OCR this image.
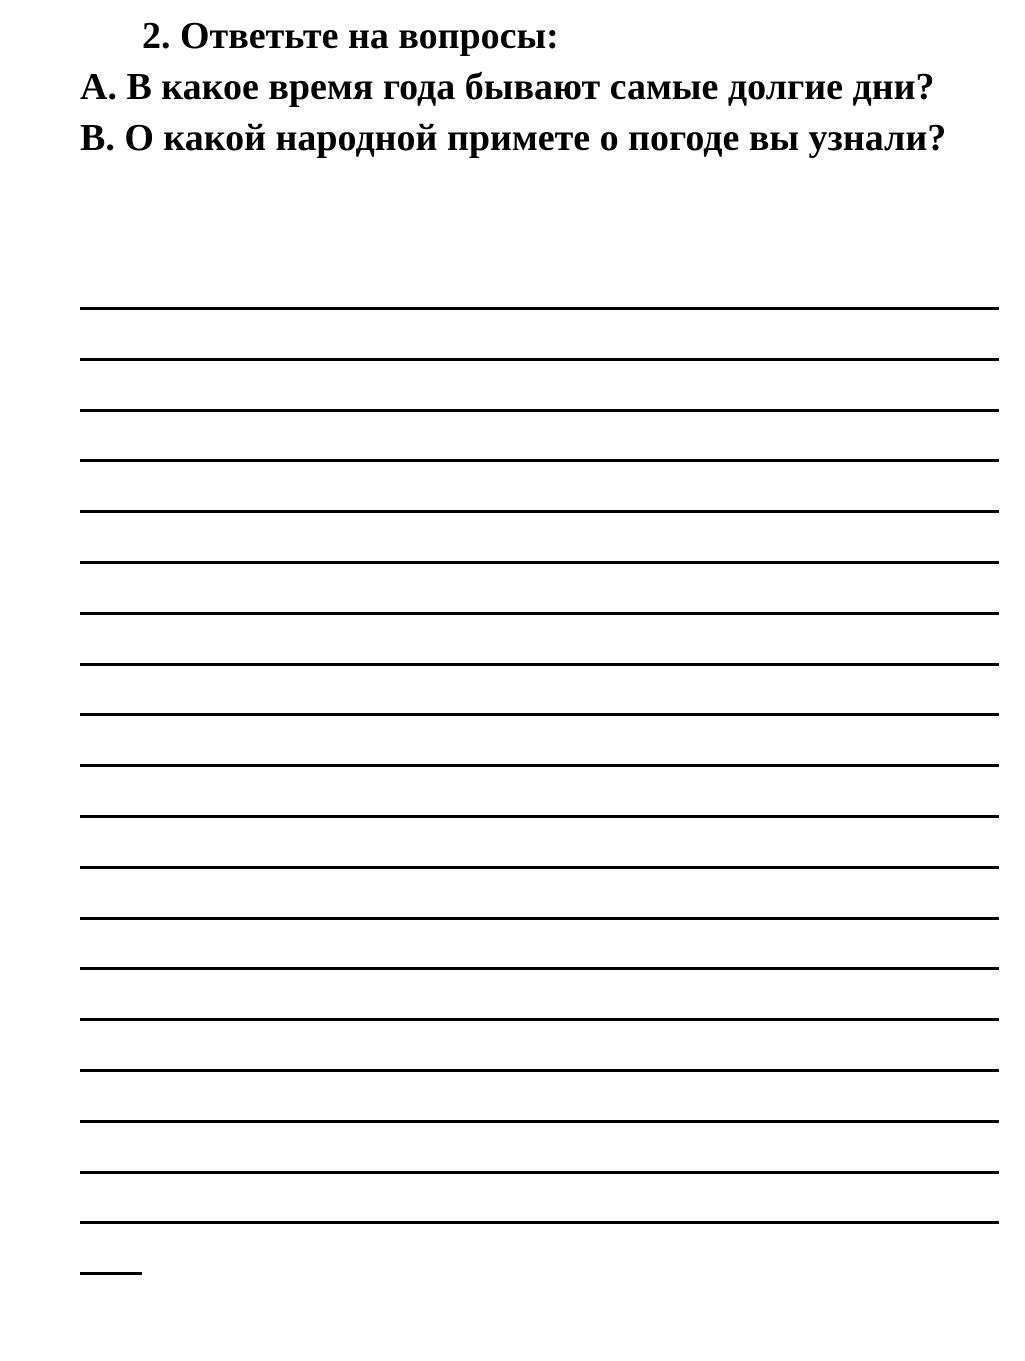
2. Ответьте на вопросы:

А. В какое время года бывают самые долгие дни?

В. О какой народной примете о погоде вы узнали?
